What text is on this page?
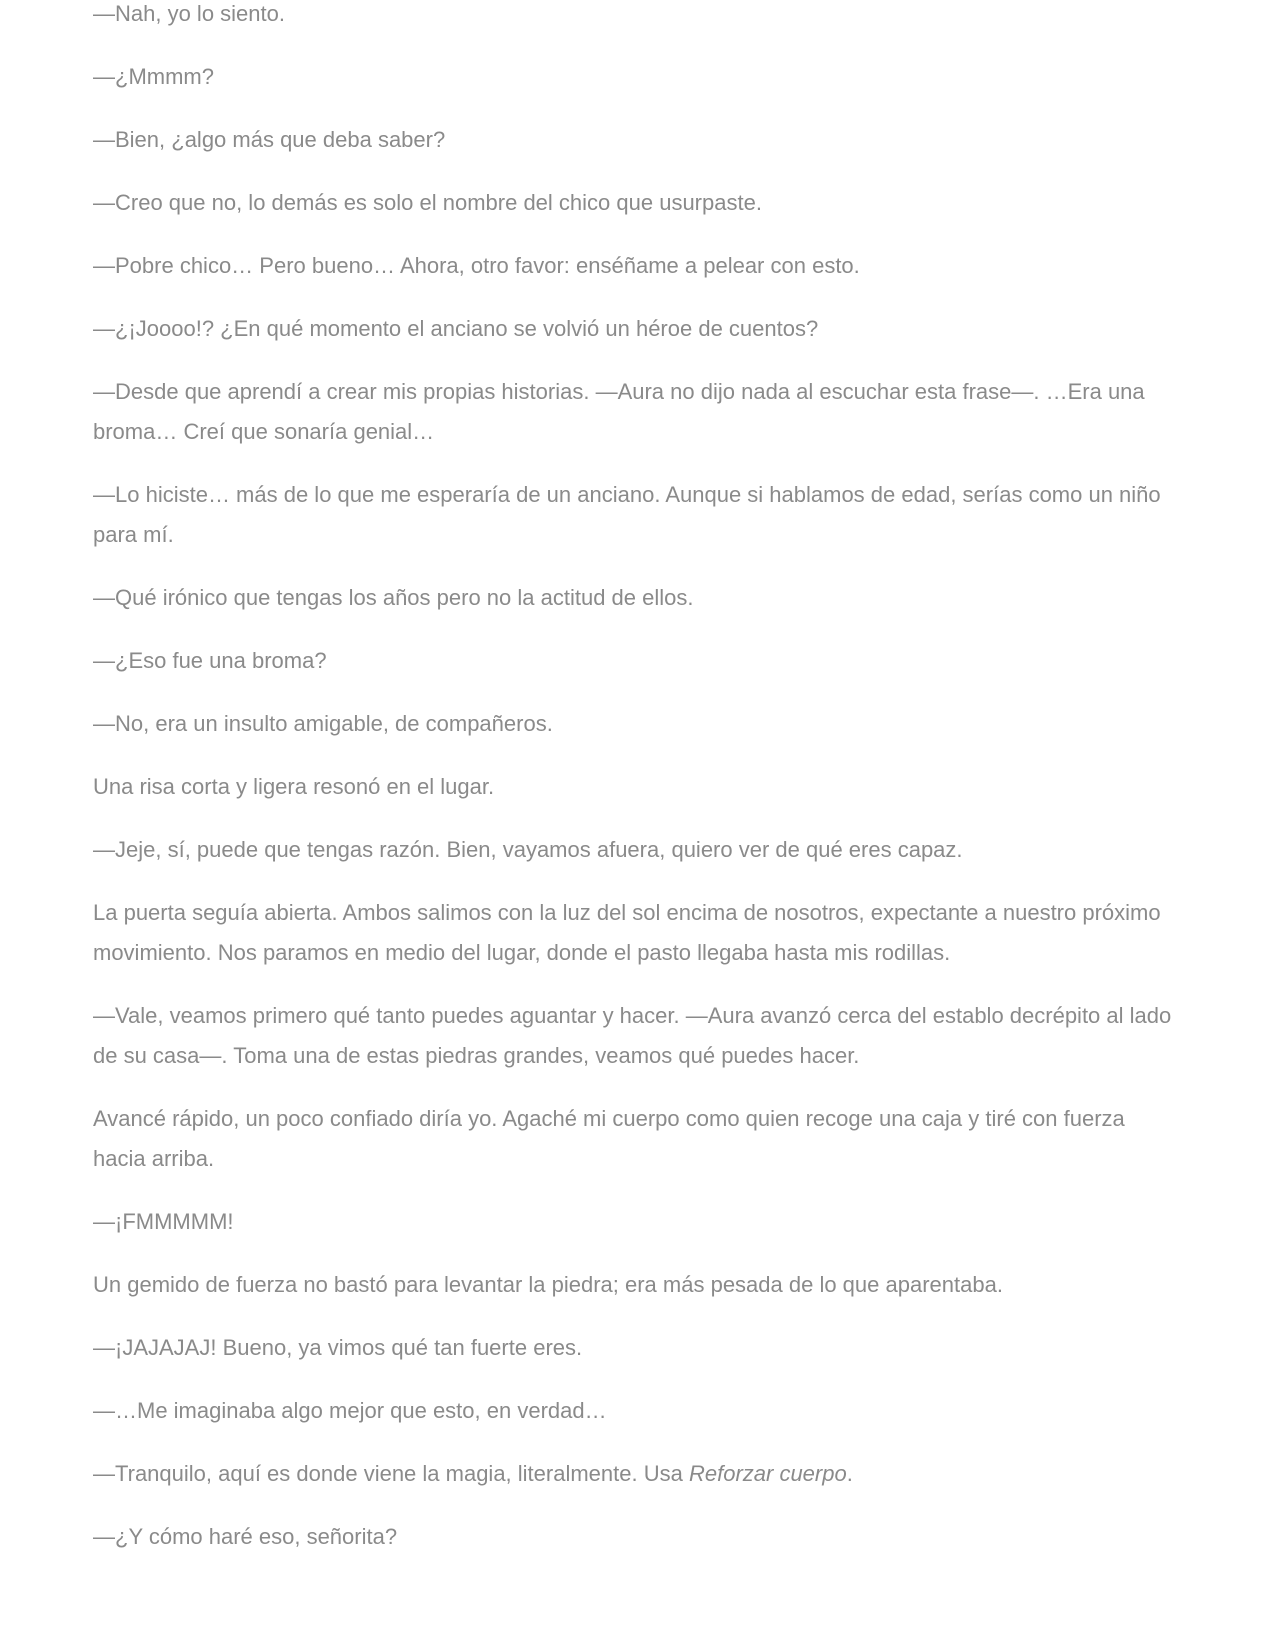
—Nah, yo lo siento.

—¿Mmmm?

—Bien, ¿algo más que deba saber?

—Creo que no, lo demás es solo el nombre del chico que usurpaste.

—Pobre chico… Pero bueno… Ahora, otro favor: enséñame a pelear con esto.

—¿¡Joooo!? ¿En qué momento el anciano se volvió un héroe de cuentos?

—Desde que aprendí a crear mis propias historias. —Aura no dijo nada al escuchar esta frase—. …Era una broma… Creí que sonaría genial…

—Lo hiciste… más de lo que me esperaría de un anciano. Aunque si hablamos de edad, serías como un niño para mí.

—Qué irónico que tengas los años pero no la actitud de ellos.

—¿Eso fue una broma?

—No, era un insulto amigable, de compañeros.

Una risa corta y ligera resonó en el lugar.

—Jeje, sí, puede que tengas razón. Bien, vayamos afuera, quiero ver de qué eres capaz.

La puerta seguía abierta. Ambos salimos con la luz del sol encima de nosotros, expectante a nuestro próximo movimiento. Nos paramos en medio del lugar, donde el pasto llegaba hasta mis rodillas.

—Vale, veamos primero qué tanto puedes aguantar y hacer. —Aura avanzó cerca del establo decrépito al lado de su casa—. Toma una de estas piedras grandes, veamos qué puedes hacer.

Avancé rápido, un poco confiado diría yo. Agaché mi cuerpo como quien recoge una caja y tiré con fuerza hacia arriba.

—¡FMMMMM!

Un gemido de fuerza no bastó para levantar la piedra; era más pesada de lo que aparentaba.

—¡JAJAJAJ! Bueno, ya vimos qué tan fuerte eres.

—…Me imaginaba algo mejor que esto, en verdad…

—Tranquilo, aquí es donde viene la magia, literalmente. Usa Reforzar cuerpo.

—¿Y cómo haré eso, señorita?
